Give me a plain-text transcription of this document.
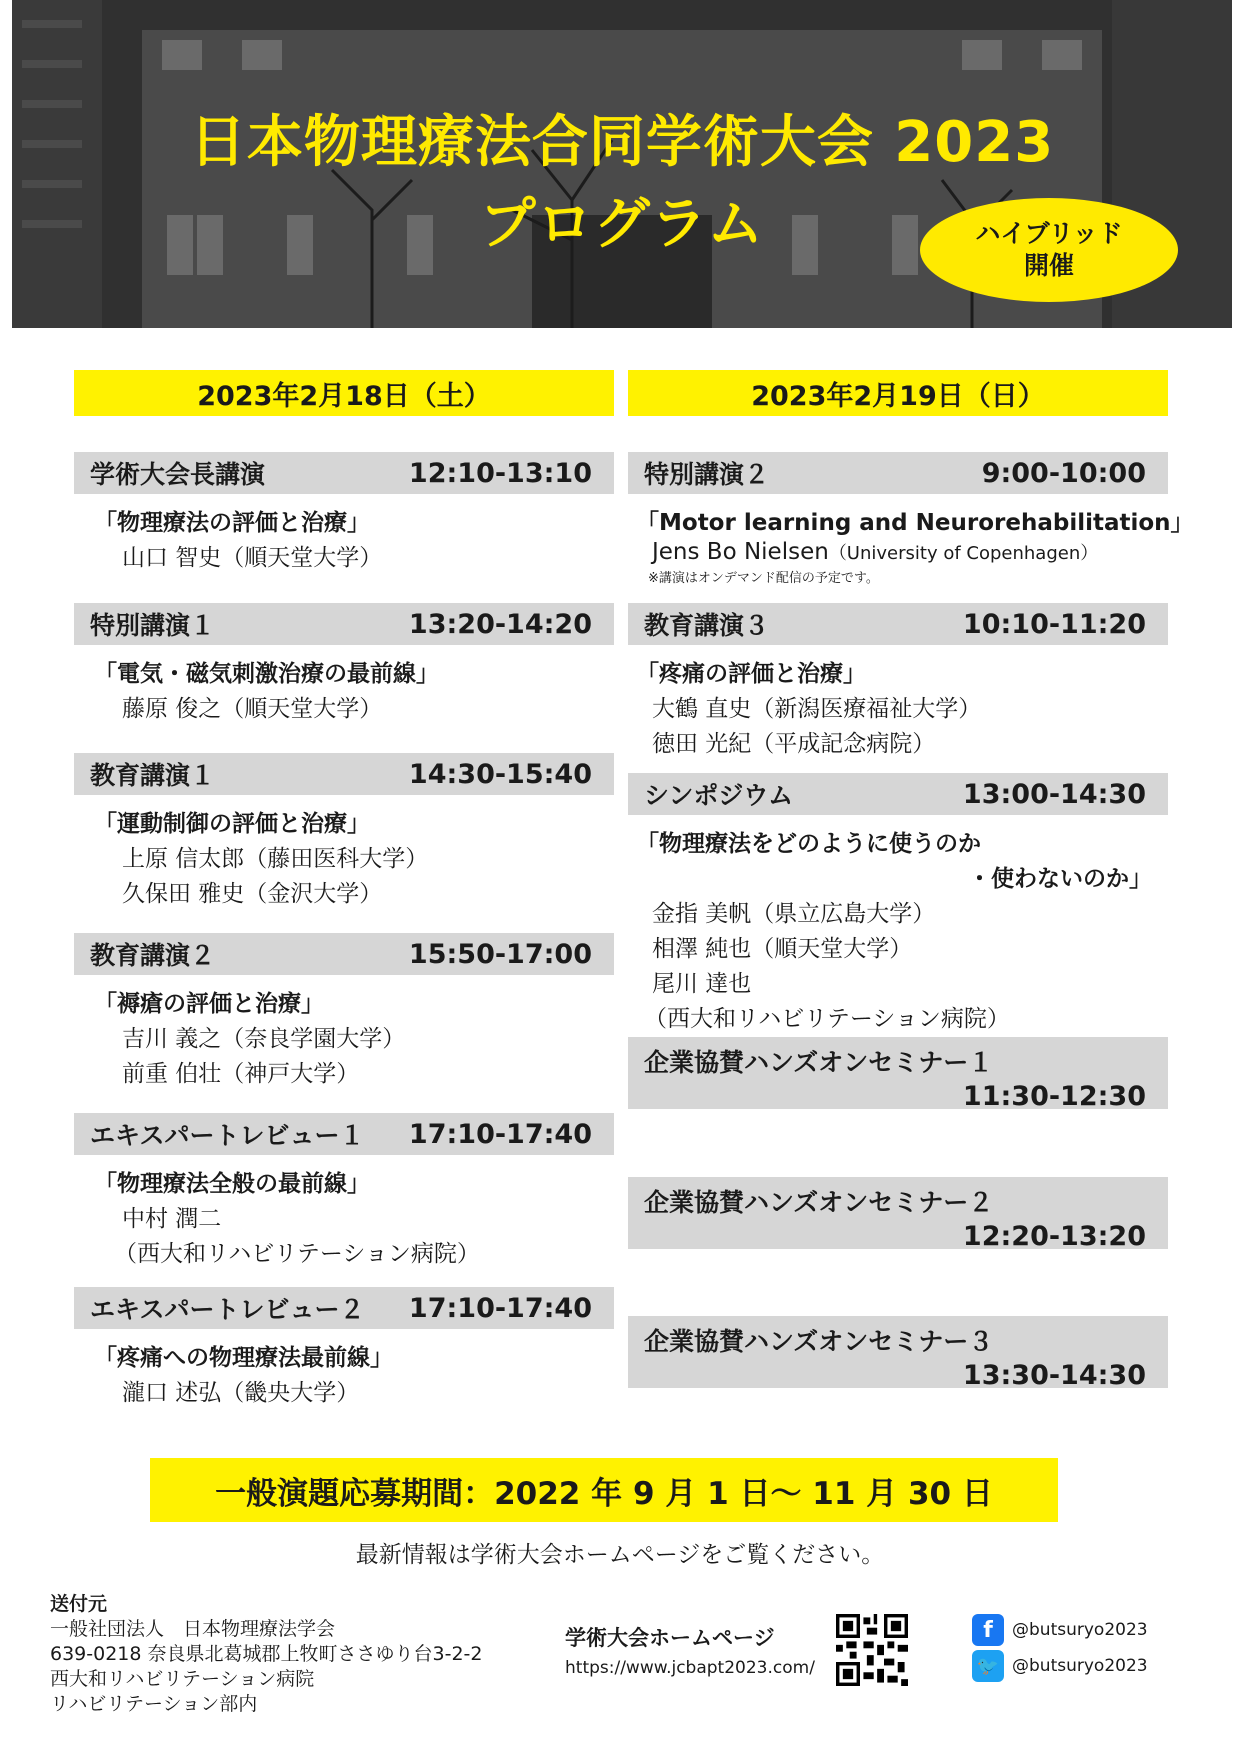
日本物理療法合同学術大会 2023
プログラム	ハイブリッド
開催
2023年2月18日（土）	2023年2月19日（日）
学術大会長講演	12:10-13:10
「物理療法の評価と治療」
山口 智史（順天堂大学）
特別講演１	13:20-14:20
「電気・磁気刺激治療の最前線」
藤原 俊之（順天堂大学）
教育講演１	14:30-15:40
「運動制御の評価と治療」
上原 信太郎（藤田医科大学）
久保田 雅史（金沢大学）
教育講演２	15:50-17:00
「褥瘡の評価と治療」
吉川 義之（奈良学園大学）
前重 伯壮（神戸大学）
エキスパートレビュー１ 17:10-17:40
「物理療法全般の最前線」
中村 潤二
（西大和リハビリテーション病院）
エキスパートレビュー２ 17:10-17:40
「疼痛への物理療法最前線」
瀧口 述弘（畿央大学）
特別講演２	9:00-10:00
「Motor learning and Neurorehabilitation」
Jens Bo Nielsen（University of Copenhagen）
※講演はオンデマンド配信の予定です。
教育講演３	10:10-11:20
「疼痛の評価と治療」
大鶴 直史（新潟医療福祉大学）
徳田 光紀（平成記念病院）
シンポジウム	13:00-14:30
「物理療法をどのように使うのか
・使わないのか」
金指 美帆（県立広島大学）
相澤 純也（順天堂大学）
尾川 達也
（西大和リハビリテーション病院）
企業協賛ハンズオンセミナー１
11:30-12:30
企業協賛ハンズオンセミナー２
12:20-13:20
企業協賛ハンズオンセミナー３
13:30-14:30
一般演題応募期間：2022 年 9 月 1 日～ 11 月 30 日
最新情報は学術大会ホームページをご覧ください。
送付元
一般社団法人　日本物理療法学会
639-0218 奈良県北葛城郡上牧町ささゆり台3-2-2
西大和リハビリテーション病院
リハビリテーション部内
学術大会ホームページ
https://www.jcbapt2023.com/
f	@butsuryo2023
🐦 @butsuryo2023
